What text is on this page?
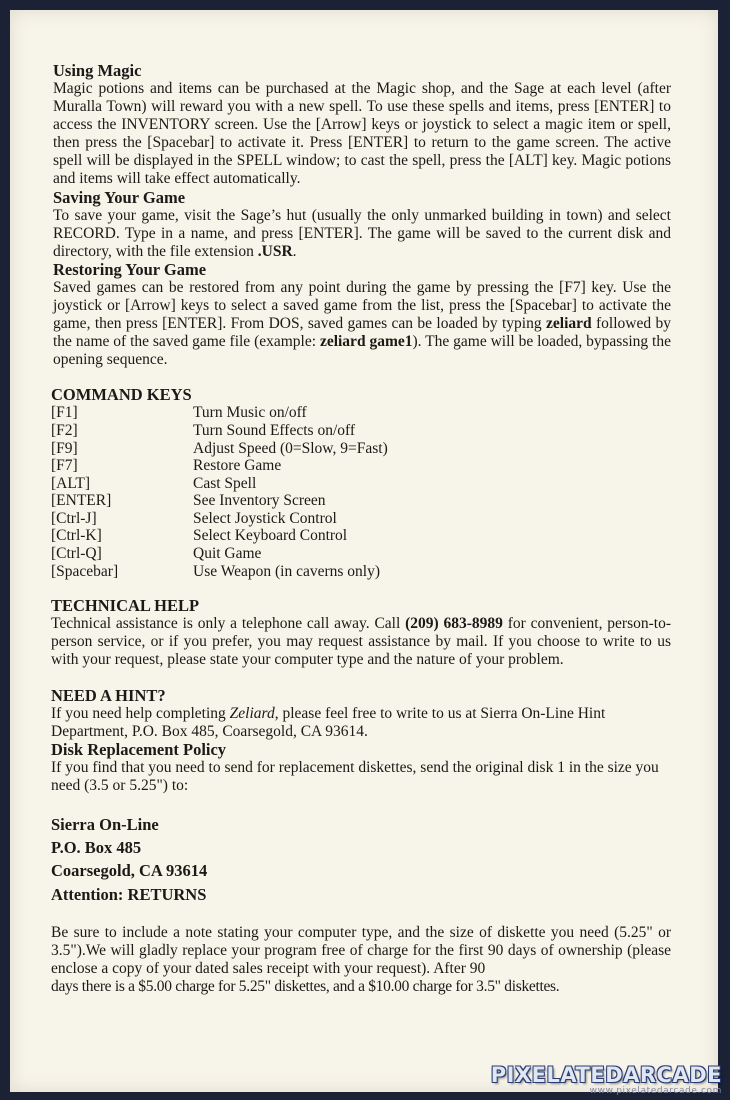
Using Magic

Magic potions and items can be purchased at the Magic shop, and the Sage at each level (after Muralla Town) will reward you with a new spell. To use these spells and items, press [ENTER] to access the INVENTORY screen. Use the [Arrow] keys or joystick to select a magic item or spell, then press the [Spacebar] to activate it. Press [ENTER] to return to the game screen. The active spell will be displayed in the SPELL window; to cast the spell, press the [ALT] key. Magic potions and items will take effect automatically.

Saving Your Game

To save your game, visit the Sage’s hut (usually the only unmarked building in town) and select RECORD. Type in a name, and press [ENTER]. The game will be saved to the current disk and directory, with the file extension .USR.

Restoring Your Game

Saved games can be restored from any point during the game by pressing the [F7] key. Use the joystick or [Arrow] keys to select a saved game from the list, press the [Spacebar] to activate the game, then press [ENTER]. From DOS, saved games can be loaded by typing zeliard followed by the name of the saved game file (example: zeliard game1). The game will be loaded, bypassing the opening sequence.

COMMAND KEYS
[F1]	Turn Music on/off
[F2]	Turn Sound Effects on/off
[F9]	Adjust Speed (0=Slow, 9=Fast)
[F7]	Restore Game
[ALT]	Cast Spell
[ENTER]	See Inventory Screen
[Ctrl-J]	Select Joystick Control
[Ctrl-K]	Select Keyboard Control
[Ctrl-Q]	Quit Game
[Spacebar]	Use Weapon (in caverns only)
TECHNICAL HELP

Technical assistance is only a telephone call away. Call (209) 683-8989 for convenient, person-to-person service, or if you prefer, you may request assistance by mail. If you choose to write to us with your request, please state your computer type and the nature of your problem.

NEED A HINT?

If you need help completing Zeliard, please feel free to write to us at Sierra On-Line Hint Department, P.O. Box 485, Coarsegold, CA 93614.

Disk Replacement Policy

If you find that you need to send for replacement diskettes, send the original disk 1 in the size you need (3.5 or 5.25") to:

Sierra On-Line
P.O. Box 485
Coarsegold, CA 93614
Attention: RETURNS

Be sure to include a note stating your computer type, and the size of diskette you need (5.25" or 3.5").We will gladly replace your program free of charge for the first 90 days of ownership (please enclose a copy of your dated sales receipt with your request). After 90

days there is a $5.00 charge for 5.25" diskettes, and a $10.00 charge for 3.5" diskettes.

PIXELATEDARCADE
www.pixelatedarcade.com
